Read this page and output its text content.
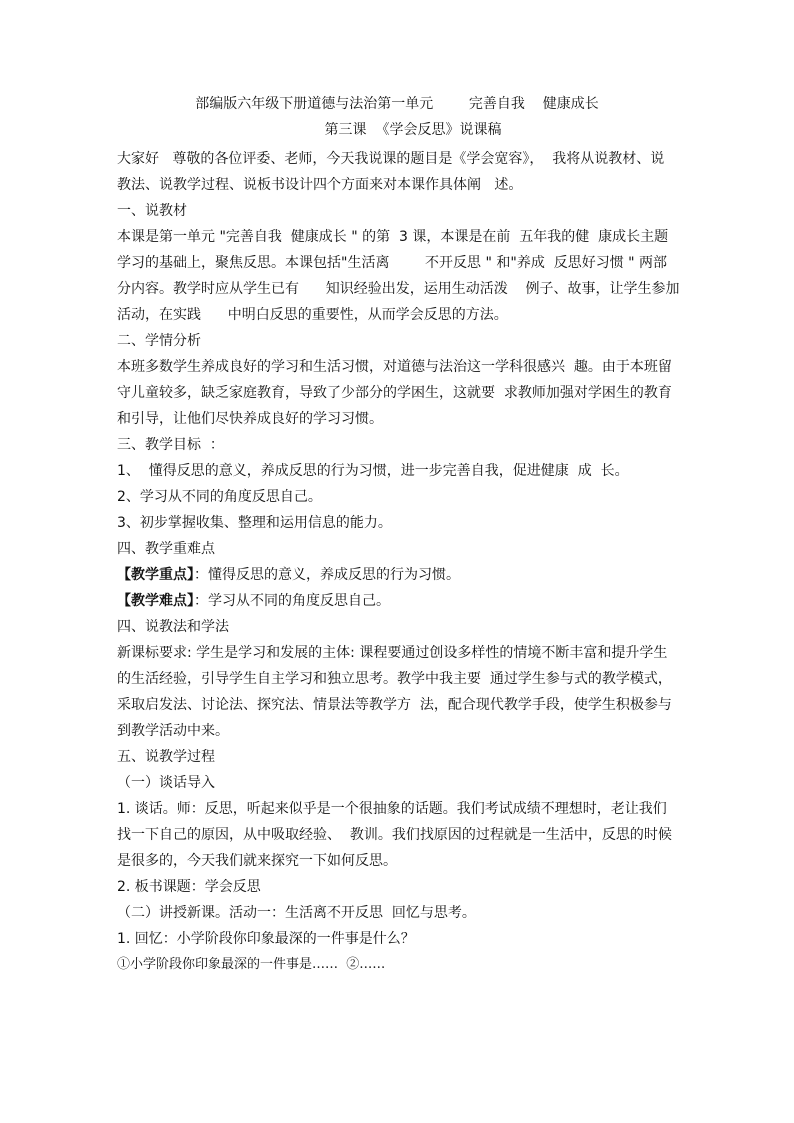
部编版六年级下册道德与法治第一单元        完善自我    健康成长
第三课  《学会反思》说课稿
大家好   尊敬的各位评委、老师，今天我说课的题目是《学会宽容》，  我将从说教材、说
教法、说教学过程、说板书设计四个方面来对本课作具体阐   述。
一、说教材
本课是第一单元 "完善自我  健康成长 " 的第  3 课，本课是在前  五年我的健  康成长主题
学习的基础上，聚焦反思。本课包括"生活离        不开反思 " 和"养成  反思好习惯 " 两部
分内容。教学时应从学生已有      知识经验出发，运用生动活泼    例子、故事，让学生参加
活动，在实践      中明白反思的重要性，从而学会反思的方法。
二、学情分析
本班多数学生养成良好的学习和生活习惯，对道德与法治这一学科很感兴  趣。由于本班留
守儿童较多，缺乏家庭教育，导致了少部分的学困生，这就要  求教师加强对学困生的教育
和引导，让他们尽快养成良好的学习习惯。
三、教学目标  ：
1、  懂得反思的意义，养成反思的行为习惯，进一步完善自我，促进健康  成  长。
2、学习从不同的角度反思自己。
3、初步掌握收集、整理和运用信息的能力。
四、教学重难点
【教学重点】：懂得反思的意义，养成反思的行为习惯。
【教学难点】：学习从不同的角度反思自己。
四、说教法和学法
新课标要求: 学生是学习和发展的主体: 课程要通过创设多样性的情境不断丰富和提升学生
的生活经验，引导学生自主学习和独立思考。教学中我主要  通过学生参与式的教学模式，
采取启发法、讨论法、探究法、情景法等教学方  法，配合现代教学手段，使学生积极参与
到教学活动中来。
五、说教学过程
（一）谈话导入
1. 谈话。师：反思，听起来似乎是一个很抽象的话题。我们考试成绩不理想时，老让我们
找一下自己的原因，从中吸取经验、  教训。我们找原因的过程就是一生活中，反思的时候
是很多的，今天我们就来探究一下如何反思。
2. 板书课题：学会反思
（二）讲授新课。活动一：生活离不开反思  回忆与思考。
1. 回忆：小学阶段你印象最深的一件事是什么？
①小学阶段你印象最深的一件事是……  ②……
